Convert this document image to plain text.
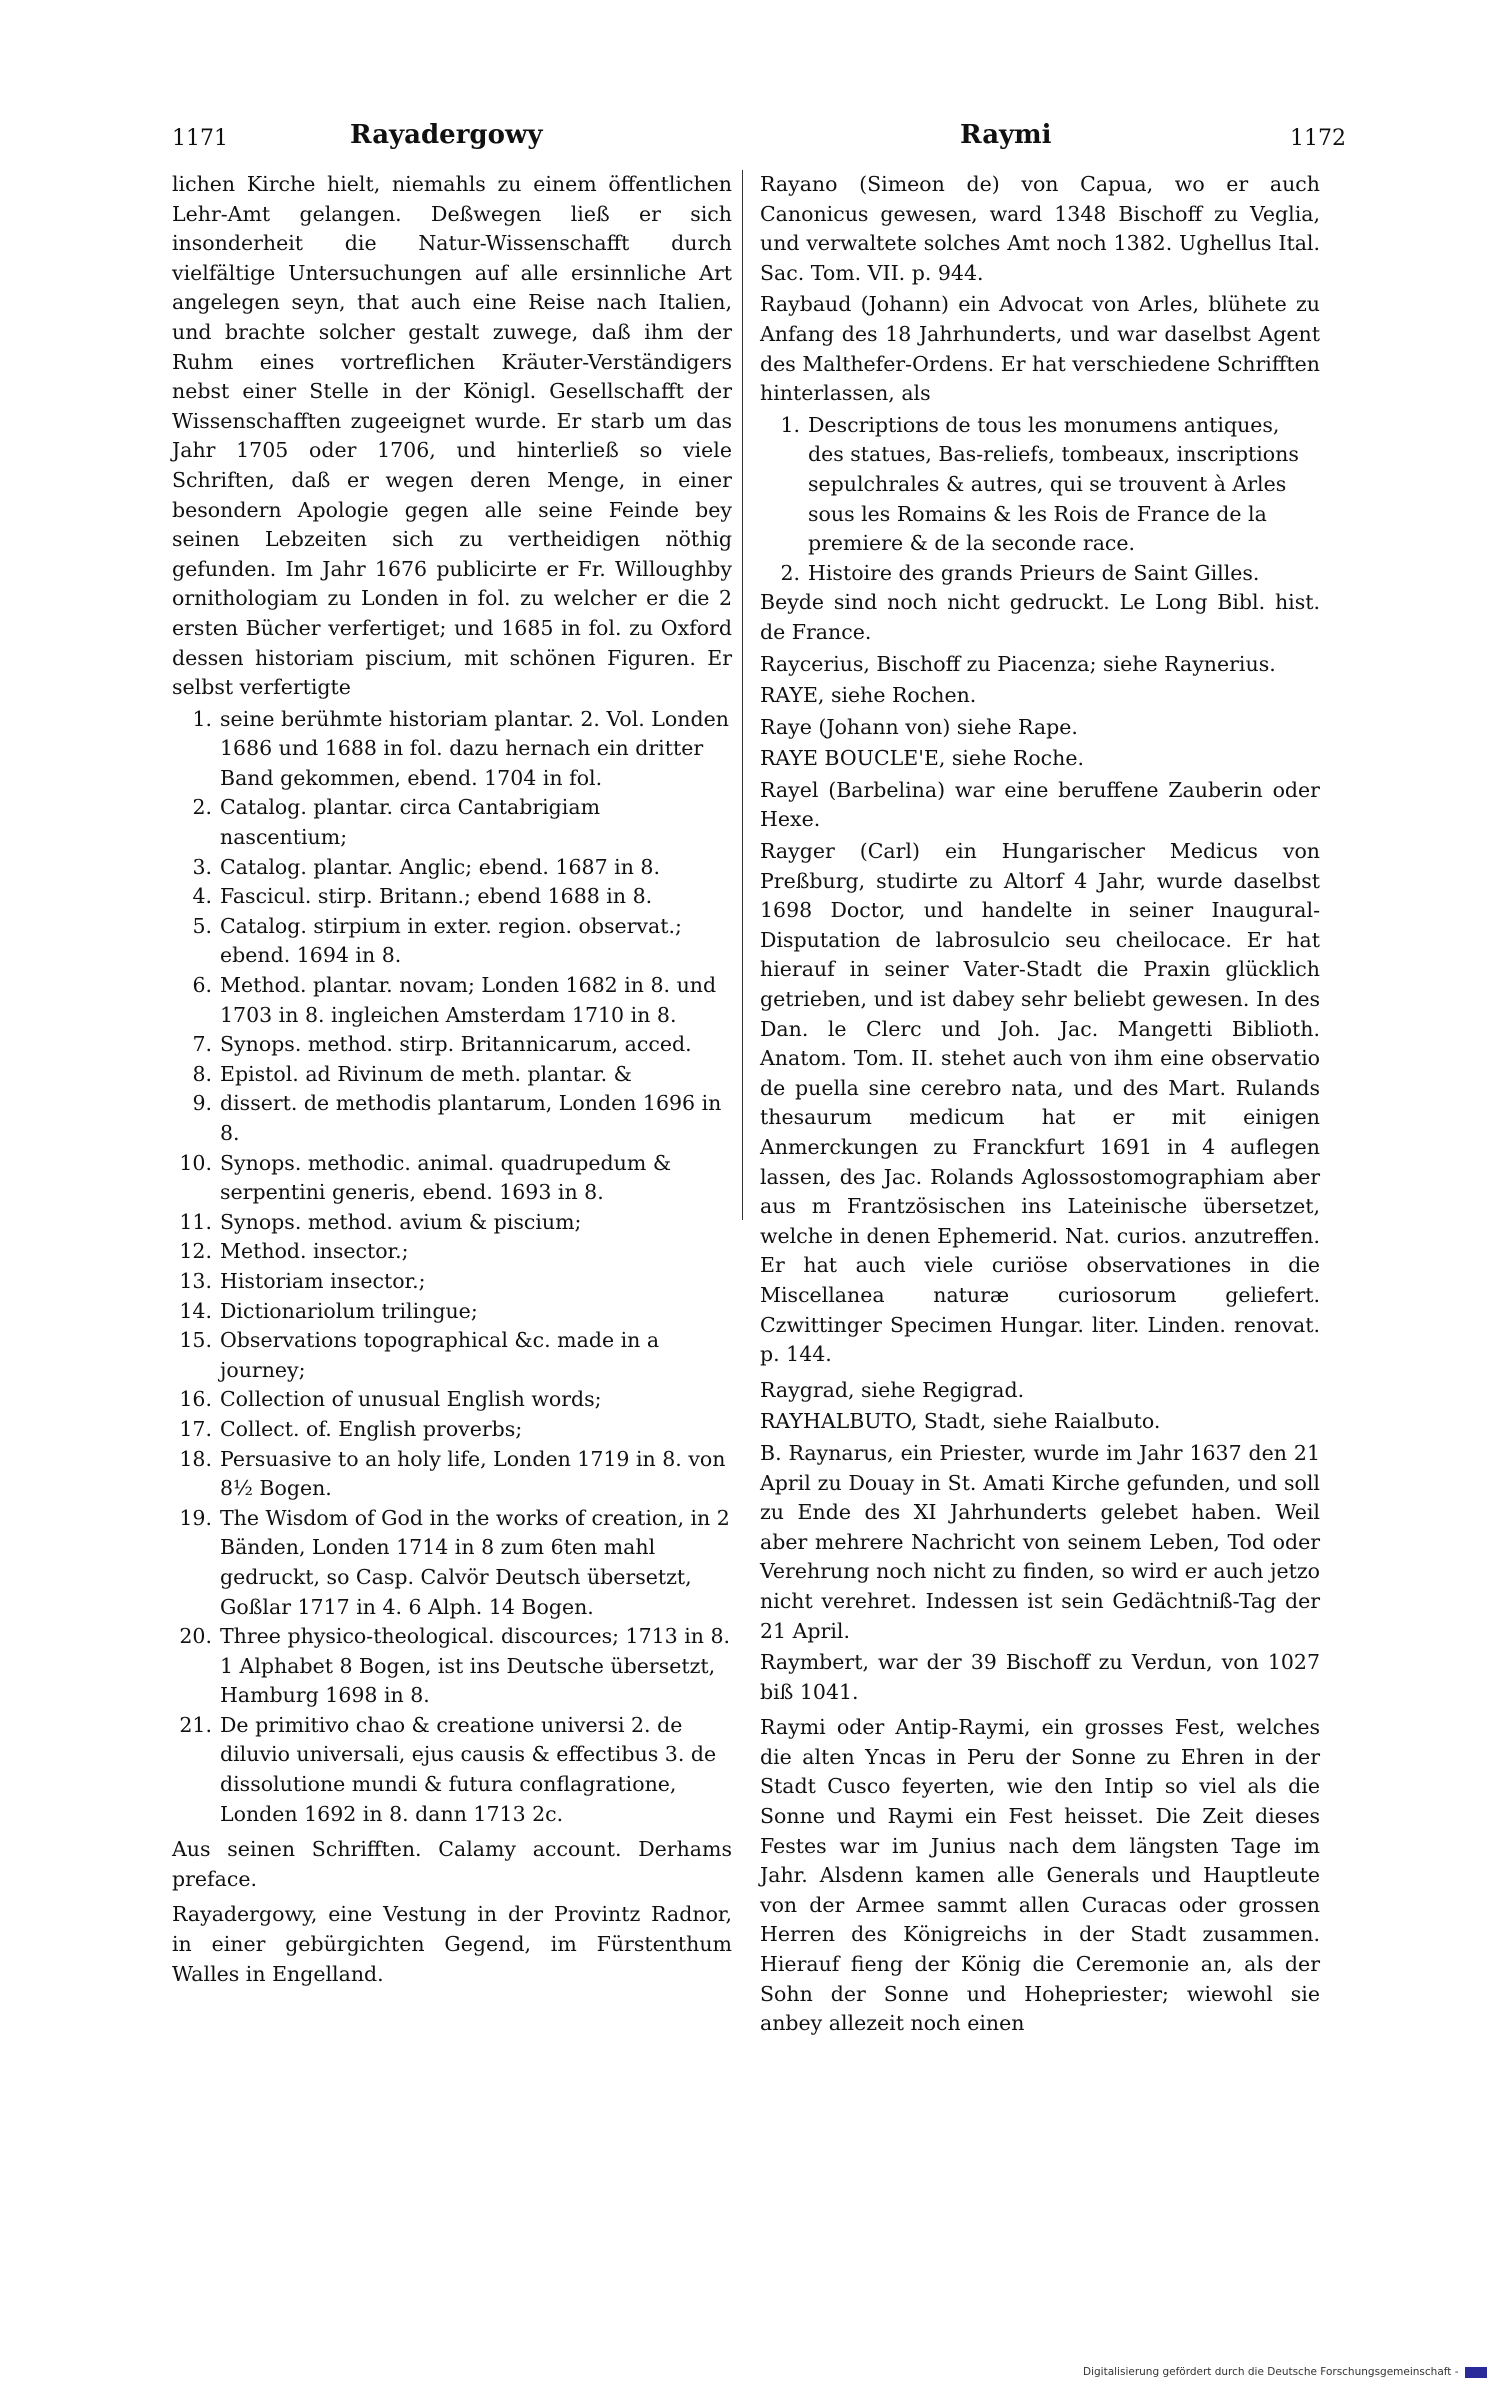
1171	Rayadergowy	Raymi	1172

lichen Kirche hielt, niemahls zu einem öffentlichen Lehr-Amt gelangen. Deßwegen ließ er sich insonderheit die Natur-Wissenschafft durch vielfältige Untersuchungen auf alle ersinnliche Art angelegen seyn, that auch eine Reise nach Italien, und brachte solcher gestalt zuwege, daß ihm der Ruhm eines vortreflichen Kräuter-Verständigers nebst einer Stelle in der Königl. Gesellschafft der Wissenschafften zugeeignet wurde. Er starb um das Jahr 1705 oder 1706, und hinterließ so viele Schriften, daß er wegen deren Menge, in einer besondern Apologie gegen alle seine Feinde bey seinen Lebzeiten sich zu vertheidigen nöthig gefunden. Im Jahr 1676 publicirte er Fr. Willoughby ornithologiam zu Londen in fol. zu welcher er die 2 ersten Bücher verfertiget; und 1685 in fol. zu Oxford dessen historiam piscium, mit schönen Figuren. Er selbst verfertigte

1. seine berühmte historiam plantar. 2. Vol. Londen 1686 und 1688 in fol. dazu hernach ein dritter Band gekommen, ebend. 1704 in fol.
2. Catalog. plantar. circa Cantabrigiam nascentium;
3. Catalog. plantar. Anglic; ebend. 1687 in 8.
4. Fascicul. stirp. Britann.; ebend 1688 in 8.
5. Catalog. stirpium in exter. region. observat.; ebend. 1694 in 8.
6. Method. plantar. novam; Londen 1682 in 8. und 1703 in 8. ingleichen Amsterdam 1710 in 8.
7. Synops. method. stirp. Britannicarum, acced.
8. Epistol. ad Rivinum de meth. plantar. &
9. dissert. de methodis plantarum, Londen 1696 in 8.
10. Synops. methodic. animal. quadrupedum & serpentini generis, ebend. 1693 in 8.
11. Synops. method. avium & piscium;
12. Method. insector.;
13. Historiam insector.;
14. Dictionariolum trilingue;
15. Observations topographical &c. made in a journey;
16. Collection of unusual English words;
17. Collect. of. English proverbs;
18. Persuasive to an holy life, Londen 1719 in 8. von 8½ Bogen.
19. The Wisdom of God in the works of creation, in 2 Bänden, Londen 1714 in 8 zum 6ten mahl gedruckt, so Casp. Calvör Deutsch übersetzt, Goßlar 1717 in 4. 6 Alph. 14 Bogen.
20. Three physico-theological. discources; 1713 in 8. 1 Alphabet 8 Bogen, ist ins Deutsche übersetzt, Hamburg 1698 in 8.
21. De primitivo chao & creatione universi 2. de diluvio universali, ejus causis & effectibus 3. de dissolutione mundi & futura conflagratione, Londen 1692 in 8. dann 1713 2c.

Aus seinen Schrifften. Calamy account. Derhams preface.

Rayadergowy, eine Vestung in der Provintz Radnor, in einer gebürgichten Gegend, im Fürstenthum Walles in Engelland.

Rayano (Simeon de) von Capua, wo er auch Canonicus gewesen, ward 1348 Bischoff zu Veglia, und verwaltete solches Amt noch 1382. Ughellus Ital. Sac. Tom. VII. p. 944.

Raybaud (Johann) ein Advocat von Arles, blühete zu Anfang des 18 Jahrhunderts, und war daselbst Agent des Malthefer-Ordens. Er hat verschiedene Schrifften hinterlassen, als

1. Descriptions de tous les monumens antiques, des statues, Bas-reliefs, tombeaux, inscriptions sepulchrales & autres, qui se trouvent à Arles sous les Romains & les Rois de France de la premiere & de la seconde race.
2. Histoire des grands Prieurs de Saint Gilles.

Beyde sind noch nicht gedruckt. Le Long Bibl. hist. de France.

Raycerius, Bischoff zu Piacenza; siehe Raynerius.

RAYE, siehe Rochen.

Raye (Johann von) siehe Rape.

RAYE BOUCLE'E, siehe Roche.

Rayel (Barbelina) war eine beruffene Zauberin oder Hexe.

Rayger (Carl) ein Hungarischer Medicus von Preßburg, studirte zu Altorf 4 Jahr, wurde daselbst 1698 Doctor, und handelte in seiner Inaugural-Disputation de labrosulcio seu cheilocace. Er hat hierauf in seiner Vater-Stadt die Praxin glücklich getrieben, und ist dabey sehr beliebt gewesen. In des Dan. le Clerc und Joh. Jac. Mangetti Biblioth. Anatom. Tom. II. stehet auch von ihm eine observatio de puella sine cerebro nata, und des Mart. Rulands thesaurum medicum hat er mit einigen Anmerckungen zu Franckfurt 1691 in 4 auflegen lassen, des Jac. Rolands Aglossostomographiam aber aus m Frantzösischen ins Lateinische übersetzet, welche in denen Ephemerid. Nat. curios. anzutreffen. Er hat auch viele curiöse observationes in die Miscellanea naturæ curiosorum geliefert. Czwittinger Specimen Hungar. liter. Linden. renovat. p. 144.

Raygrad, siehe Regigrad.

RAYHALBUTO, Stadt, siehe Raialbuto.

B. Raynarus, ein Priester, wurde im Jahr 1637 den 21 April zu Douay in St. Amati Kirche gefunden, und soll zu Ende des XI Jahrhunderts gelebet haben. Weil aber mehrere Nachricht von seinem Leben, Tod oder Verehrung noch nicht zu finden, so wird er auch jetzo nicht verehret. Indessen ist sein Gedächtniß-Tag der 21 April.

Raymbert, war der 39 Bischoff zu Verdun, von 1027 biß 1041.

Raymi oder Antip-Raymi, ein grosses Fest, welches die alten Yncas in Peru der Sonne zu Ehren in der Stadt Cusco feyerten, wie den Intip so viel als die Sonne und Raymi ein Fest heisset. Die Zeit dieses Festes war im Junius nach dem längsten Tage im Jahr. Alsdenn kamen alle Generals und Hauptleute von der Armee sammt allen Curacas oder grossen Herren des Königreichs in der Stadt zusammen. Hierauf fieng der König die Ceremonie an, als der Sohn der Sonne und Hohepriester; wiewohl sie anbey allezeit noch einen

Digitalisierung gefördert durch die Deutsche Forschungsgemeinschaft -
